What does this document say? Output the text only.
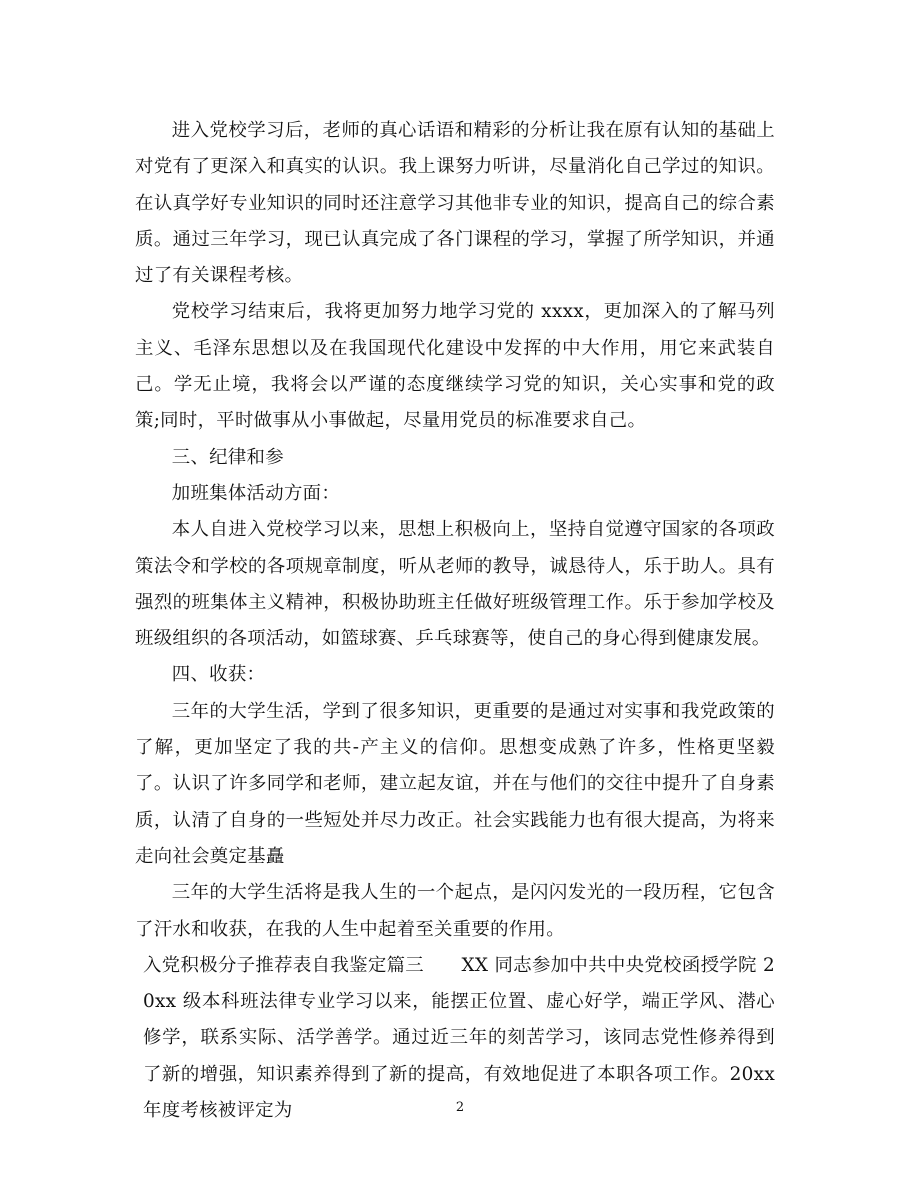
进入党校学习后，老师的真心话语和精彩的分析让我在原有认知的基础上对党有了更深入和真实的认识。我上课努力听讲，尽量消化自己学过的知识。在认真学好专业知识的同时还注意学习其他非专业的知识，提高自己的综合素质。通过三年学习，现已认真完成了各门课程的学习，掌握了所学知识，并通过了有关课程考核。

党校学习结束后，我将更加努力地学习党的 xxxx，更加深入的了解马列主义、毛泽东思想以及在我国现代化建设中发挥的中大作用，用它来武装自己。学无止境，我将会以严谨的态度继续学习党的知识，关心实事和党的政策;同时，平时做事从小事做起，尽量用党员的标准要求自己。

三、纪律和参

加班集体活动方面：

本人自进入党校学习以来，思想上积极向上，坚持自觉遵守国家的各项政策法令和学校的各项规章制度，听从老师的教导，诚恳待人，乐于助人。具有强烈的班集体主义精神，积极协助班主任做好班级管理工作。乐于参加学校及班级组织的各项活动，如篮球赛、乒乓球赛等，使自己的身心得到健康发展。

四、收获：

三年的大学生活，学到了很多知识，更重要的是通过对实事和我党政策的了解，更加坚定了我的共-产主义的信仰。思想变成熟了许多，性格更坚毅了。认识了许多同学和老师，建立起友谊，并在与他们的交往中提升了自身素质，认清了自身的一些短处并尽力改正。社会实践能力也有很大提高，为将来走向社会奠定基矗

三年的大学生活将是我人生的一个起点，是闪闪发光的一段历程，它包含了汗水和收获，在我的人生中起着至关重要的作用。

入党积极分子推荐表自我鉴定篇三　　XX 同志参加中共中央党校函授学院 20xx 级本科班法律专业学习以来，能摆正位置、虚心好学，端正学风、潜心修学，联系实际、活学善学。通过近三年的刻苦学习，该同志党性修养得到了新的增强，知识素养得到了新的提高，有效地促进了本职各项工作。20xx 年度考核被评定为	2
